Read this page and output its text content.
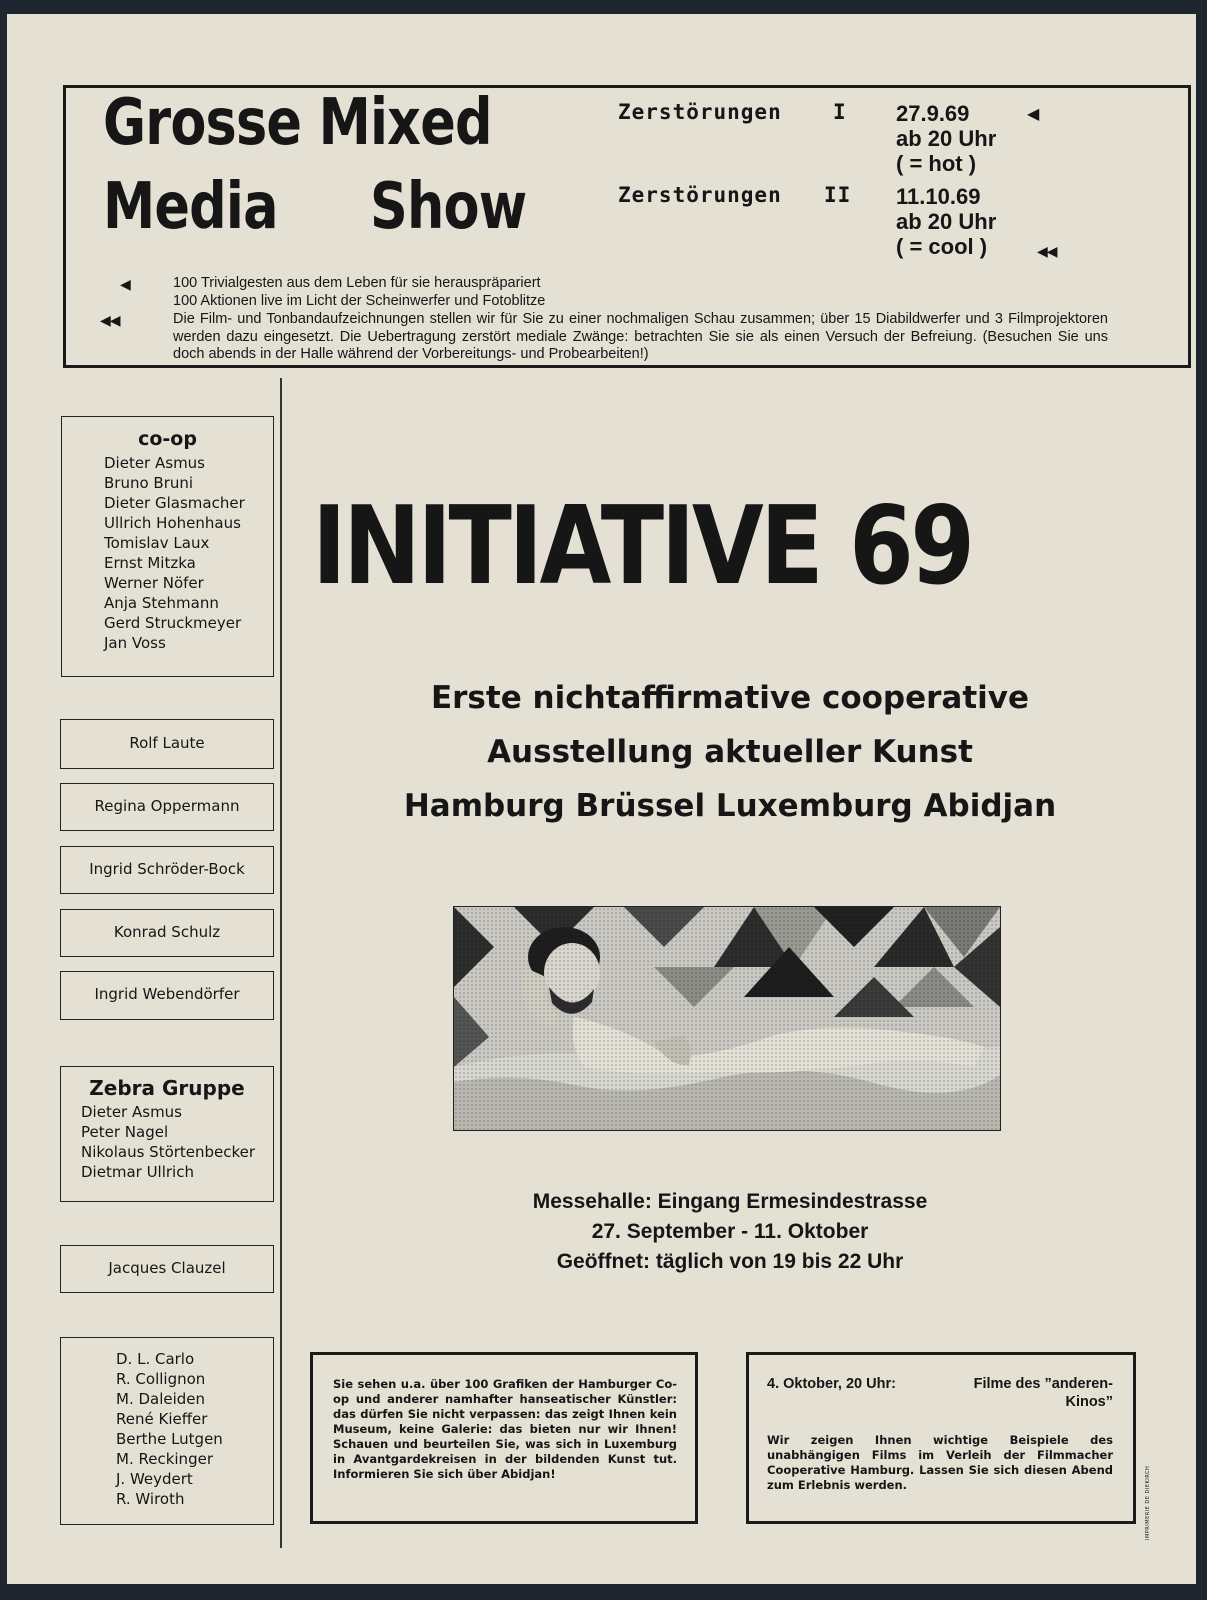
Grosse Mixed
Media Show
Zerstörungen I 27.9.69
ab 20 Uhr
( = hot )
◀
Zerstörungen II 11.10.69
ab 20 Uhr
( = cool )	◀◀
◀	100 Trivialgesten aus dem Leben für sie herauspräpariert
100 Aktionen live im Licht der Scheinwerfer und Fotoblitze
◀◀	Die Film- und Tonbandaufzeichnungen stellen wir für Sie zu einer nochmaligen Schau zusammen; über 15 Diabildwerfer und 3 Filmprojektoren werden dazu eingesetzt. Die Uebertragung zerstört mediale Zwänge: betrachten Sie sie als einen Versuch der Befreiung. (Besuchen Sie uns doch abends in der Halle während der Vorbereitungs- und Probearbeiten!)
co-op
Dieter Asmus
Bruno Bruni
Dieter Glasmacher
Ullrich Hohenhaus
Tomislav Laux
Ernst Mitzka
Werner Nöfer
Anja Stehmann
Gerd Struckmeyer
Jan Voss
Rolf Laute
Regina Oppermann
Ingrid Schröder-Bock
Konrad Schulz
Ingrid Webendörfer
Zebra Gruppe
Dieter Asmus
Peter Nagel
Nikolaus Störtenbecker
Dietmar Ullrich
Jacques Clauzel
D. L. Carlo
R. Collignon
M. Daleiden
René Kieffer
Berthe Lutgen
M. Reckinger
J. Weydert
R. Wiroth
INITIATIVE 69
Erste nichtaffirmative cooperative
Ausstellung aktueller Kunst
Hamburg Brüssel Luxemburg Abidjan
Messehalle: Eingang Ermesindestrasse
27. September - 11. Oktober
Geöffnet: täglich von 19 bis 22 Uhr
Sie sehen u.a. über 100 Grafiken der Hamburger Co-op und anderer namhafter hanseatischer Künstler: das dürfen Sie nicht verpassen: das zeigt Ihnen kein Museum, keine Galerie: das bieten nur wir Ihnen! Schauen und beurteilen Sie, was sich in Luxemburg in Avantgardekreisen in der bildenden Kunst tut. Informieren Sie sich über Abidjan!
4. Oktober, 20 Uhr:	Filme des ”anderen-
Kinos”
Wir zeigen Ihnen wichtige Beispiele des unabhängigen Films im Verleih der Filmmacher Cooperative Hamburg. Lassen Sie sich diesen Abend zum Erlebnis werden.	IMPRIMERIE DE DIEKIRCH
